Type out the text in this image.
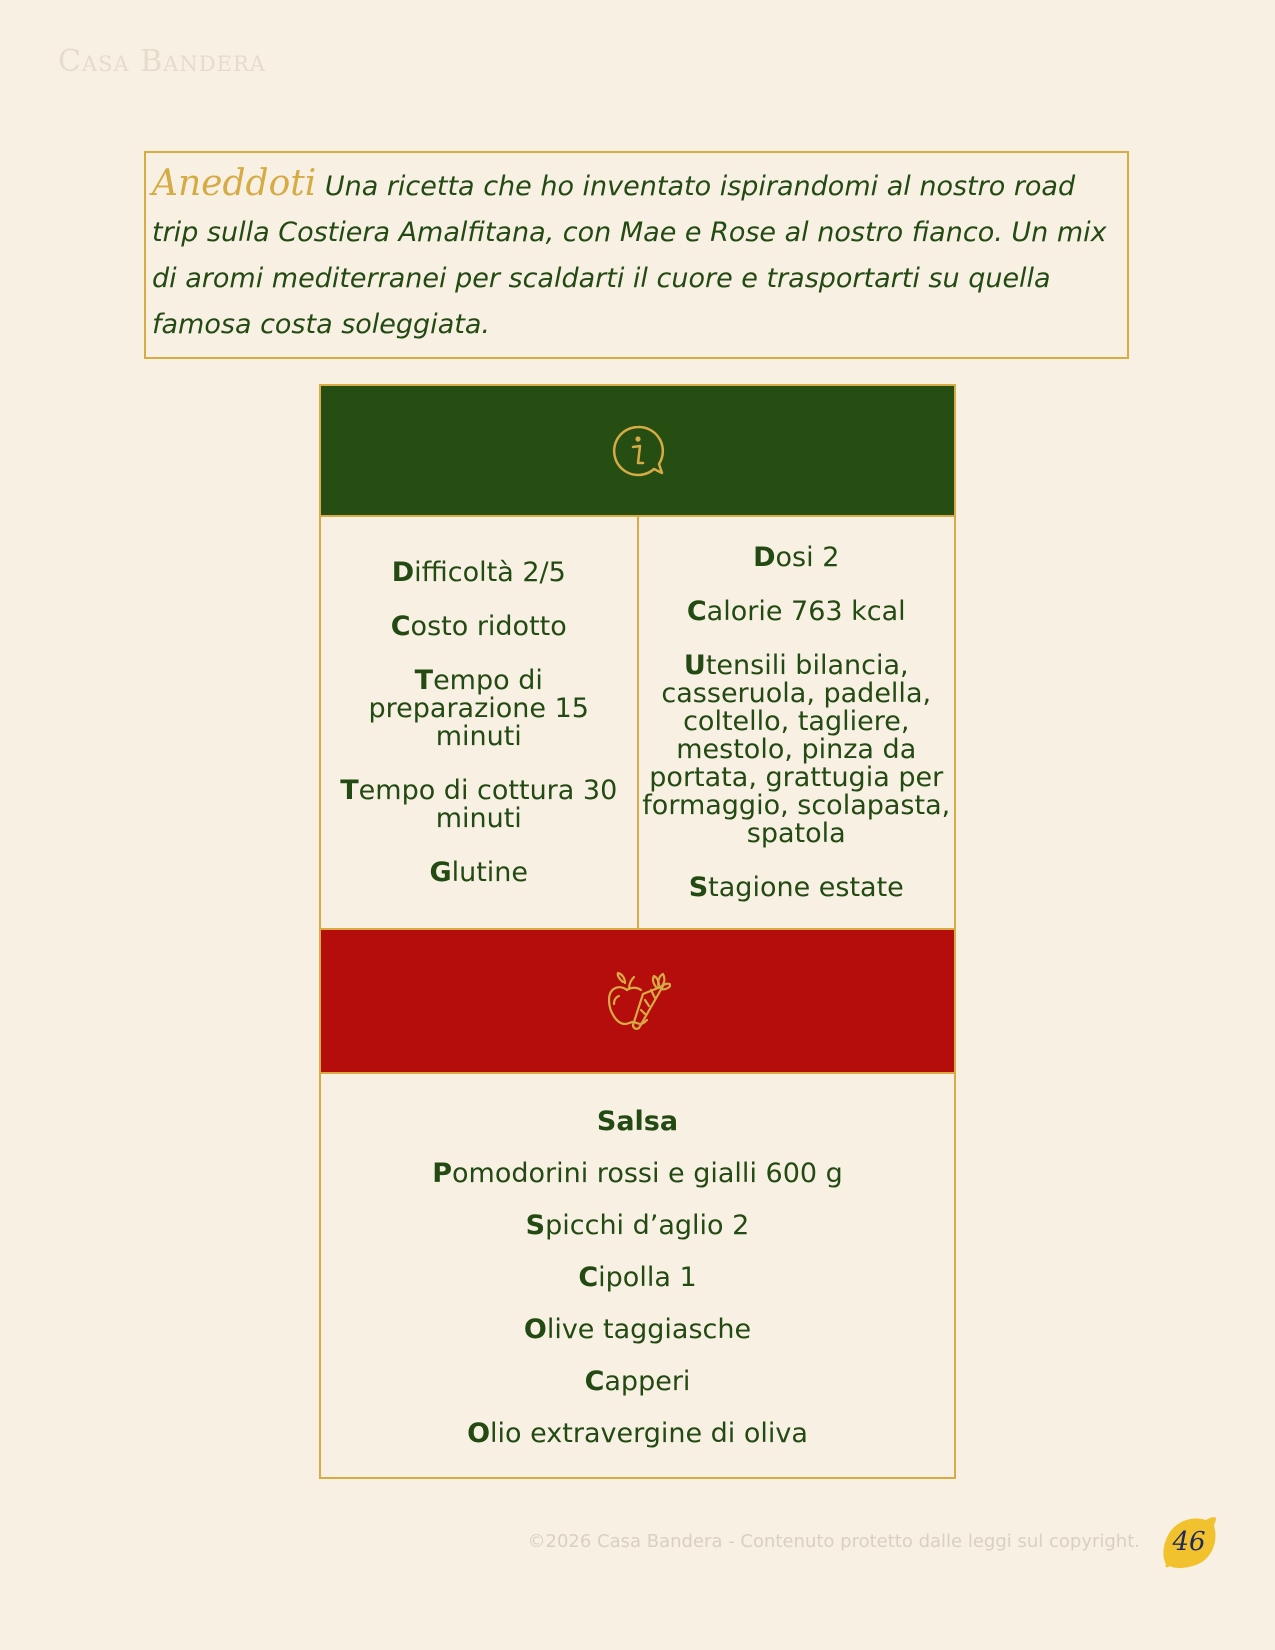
Casa Bandera

Aneddoti Una ricetta che ho inventato ispirandomi al nostro road trip sulla Costiera Amalfitana, con Mae e Rose al nostro fianco. Un mix di aromi mediterranei per scaldarti il cuore e trasportarti su quella famosa costa soleggiata.

Difficoltà 2/5
Costo ridotto
Tempo di preparazione 15 minuti
Tempo di cottura 30 minuti
Glutine
Dosi 2
Calorie 763 kcal
Utensili bilancia, casseruola, padella, coltello, tagliere, mestolo, pinza da portata, grattugia per formaggio, scolapasta, spatola
Stagione estate
Salsa
Pomodorini rossi e gialli 600 g
Spicchi d’aglio 2
Cipolla 1
Olive taggiasche
Capperi
Olio extravergine di oliva
©2026 Casa Bandera - Contenuto protetto dalle leggi sul copyright. 46
